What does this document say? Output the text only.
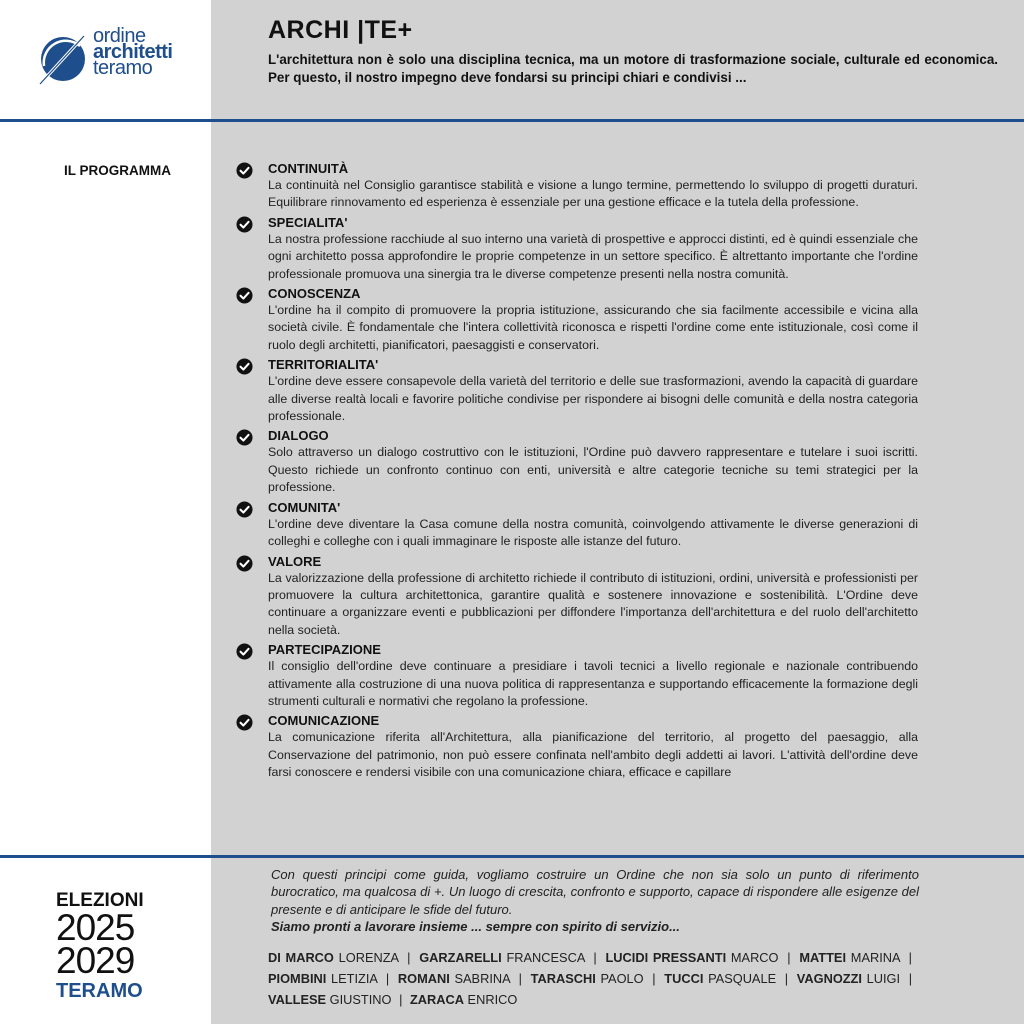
ordine
architetti
teramo
ARCHI |TE+
L'architettura non è solo una disciplina tecnica, ma un motore di trasformazione sociale, culturale ed economica. Per questo, il nostro impegno deve fondarsi su principi chiari e condivisi ...
IL PROGRAMMA	CONTINUITÀ
La continuità nel Consiglio garantisce stabilità e visione a lungo termine, permettendo lo sviluppo di progetti duraturi. Equilibrare rinnovamento ed esperienza è essenziale per una gestione efficace e la tutela della professione.
SPECIALITA'
La nostra professione racchiude al suo interno una varietà di prospettive e approcci distinti, ed è quindi essenziale che ogni architetto possa approfondire le proprie competenze in un settore specifico. È altrettanto importante che l'ordine professionale promuova una sinergia tra le diverse competenze presenti nella nostra comunità.
CONOSCENZA
L'ordine ha il compito di promuovere la propria istituzione, assicurando che sia facilmente accessibile e vicina alla società civile. È fondamentale che l'intera collettività riconosca e rispetti l'ordine come ente istituzionale, così come il ruolo degli architetti, pianificatori, paesaggisti e conservatori.
TERRITORIALITA'
L'ordine deve essere consapevole della varietà del territorio e delle sue trasformazioni, avendo la capacità di guardare alle diverse realtà locali e favorire politiche condivise per rispondere ai bisogni delle comunità e della nostra categoria professionale.
DIALOGO
Solo attraverso un dialogo costruttivo con le istituzioni, l'Ordine può davvero rappresentare e tutelare i suoi iscritti. Questo richiede un confronto continuo con enti, università e altre categorie tecniche su temi strategici per la professione.
COMUNITA'
L'ordine deve diventare la Casa comune della nostra comunità, coinvolgendo attivamente le diverse generazioni di colleghi e colleghe con i quali immaginare le risposte alle istanze del futuro.
VALORE
La valorizzazione della professione di architetto richiede il contributo di istituzioni, ordini, università e professionisti per promuovere la cultura architettonica, garantire qualità e sostenere innovazione e sostenibilità. L'Ordine deve continuare a organizzare eventi e pubblicazioni per diffondere l'importanza dell'architettura e del ruolo dell'architetto nella società.
PARTECIPAZIONE
Il consiglio dell'ordine deve continuare a presidiare i tavoli tecnici a livello regionale e nazionale contribuendo attivamente alla costruzione di una nuova politica di rappresentanza e supportando efficacemente la formazione degli strumenti culturali e normativi che regolano la professione.
COMUNICAZIONE
La comunicazione riferita all'Architettura, alla pianificazione del territorio, al progetto del paesaggio, alla Conservazione del patrimonio, non può essere confinata nell'ambito degli addetti ai lavori. L'attività dell'ordine deve farsi conoscere e rendersi visibile con una comunicazione chiara, efficace e capillare
ELEZIONI
2025
2029
TERAMO
Con questi principi come guida, vogliamo costruire un Ordine che non sia solo un punto di riferimento burocratico, ma qualcosa di +. Un luogo di crescita, confronto e supporto, capace di rispondere alle esigenze del presente e di anticipare le sfide del futuro.
Siamo pronti a lavorare insieme ... sempre con spirito di servizio...
DI MARCO LORENZA | GARZARELLI FRANCESCA | LUCIDI PRESSANTI MARCO | MATTEI MARINA | PIOMBINI LETIZIA | ROMANI SABRINA | TARASCHI PAOLO | TUCCI PASQUALE | VAGNOZZI LUIGI | VALLESE GIUSTINO | ZARACA ENRICO
